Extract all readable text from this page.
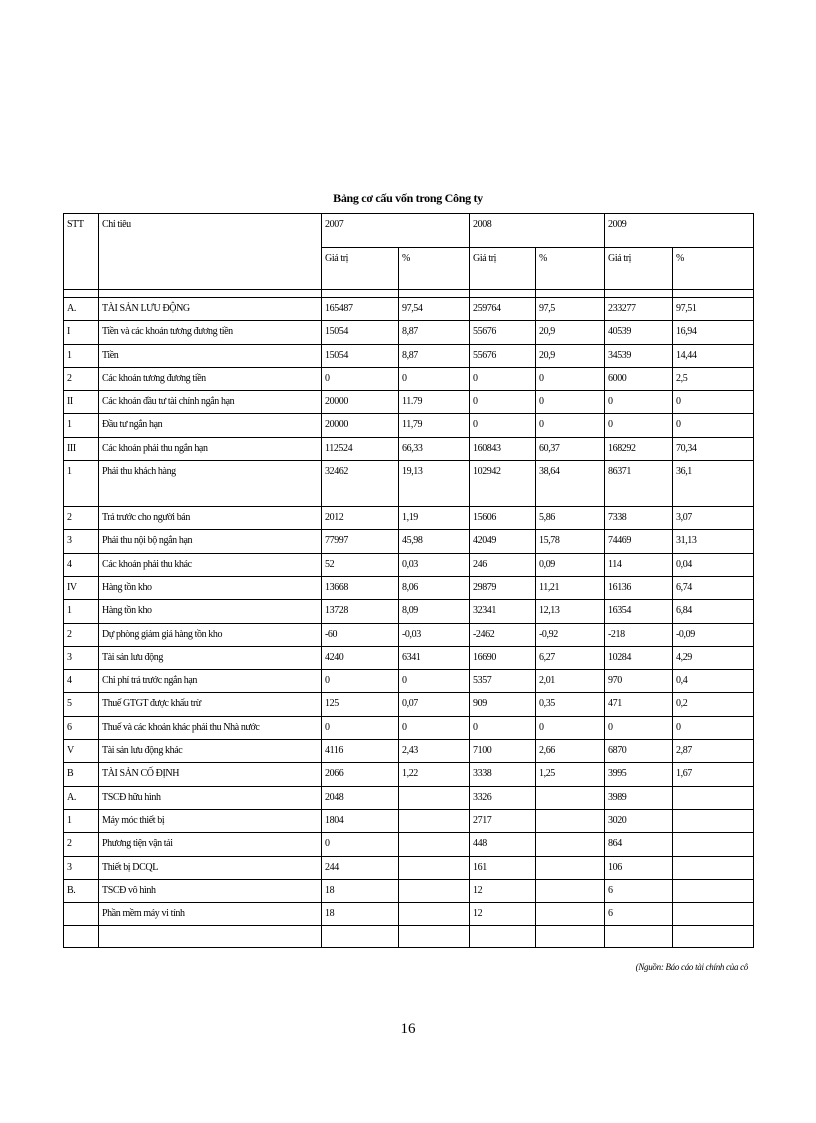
Bảng cơ cấu vốn trong Công ty
STT	Chỉ tiêu	2007		2008		2009	
		Giá trị	%	Giá trị	%	Giá trị	%

A.	TÀI SẢN LƯU ĐỘNG	165487	97,54	259764	97,5	233277	97,51
I	Tiền và các khoản tương đương tiền	15054	8,87	55676	20,9	40539	16,94
1	Tiền	15054	8,87	55676	20,9	34539	14,44
2	Các khoản tương đương tiền	0	0	0	0	6000	2,5
II	Các khoản đầu tư tài chính ngắn hạn	20000	11.79	0	0	0	0
1	Đầu tư ngắn hạn	20000	11,79	0	0	0	0
III	Các khoản phải thu ngắn hạn	112524	66,33	160843	60,37	168292	70,34
1	Phải thu khách hàng	32462	19,13	102942	38,64	86371	36,1
2	Trả trước cho người bán	2012	1,19	15606	5,86	7338	3,07
3	Phải thu nội bộ ngắn hạn	77997	45,98	42049	15,78	74469	31,13
4	Các khoản phải thu khác	52	0,03	246	0,09	114	0,04
IV	Hàng tồn kho	13668	8,06	29879	11,21	16136	6,74
1	Hàng tồn kho	13728	8,09	32341	12,13	16354	6,84
2	Dự phòng giảm giá hàng tồn kho	-60	-0,03	-2462	-0,92	-218	-0,09
3	Tài sản lưu động	4240	6341	16690	6,27	10284	4,29
4	Chi phí trả trước ngắn hạn	0	0	5357	2,01	970	0,4
5	Thuế GTGT được khấu trừ	125	0,07	909	0,35	471	0,2
6	Thuế và các khoản khác phải thu Nhà nước	0	0	0	0	0	0
V	Tài sản lưu động khác	4116	2,43	7100	2,66	6870	2,87
B	TÀI SẢN CỐ ĐỊNH	2066	1,22	3338	1,25	3995	1,67
A.	TSCĐ hữu hình	2048		3326		3989	
1	Máy móc thiết bị	1804		2717		3020	
2	Phương tiện vận tải	0		448		864	
3	Thiết bị DCQL	244		161		106	
B.	TSCĐ vô hình	18		12		6	
	Phần mềm máy vi tính	18		12		6	

(Nguồn: Báo cáo tài chính của cô
16
